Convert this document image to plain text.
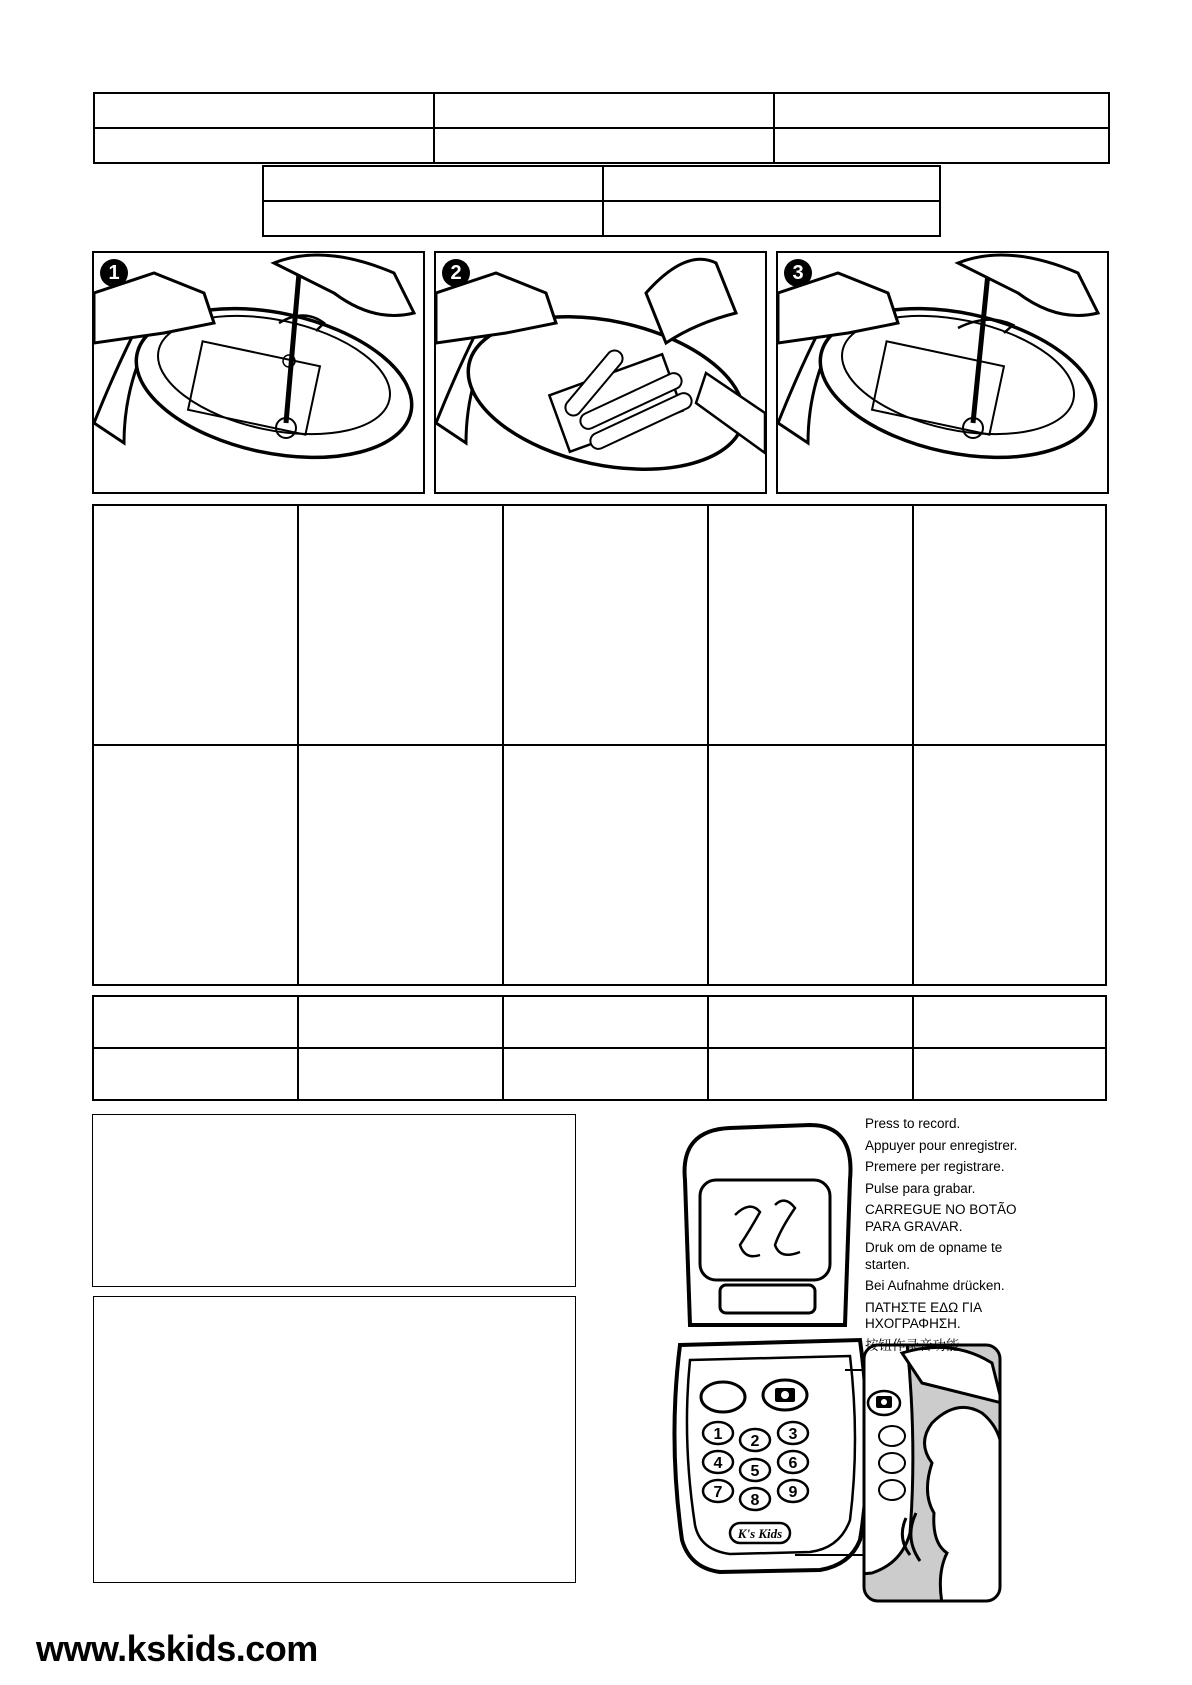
1	2	3

1 2 3
4 5 6
7 8 9
K's Kids
Press to record.
Appuyer pour enregistrer.
Premere per registrare.
Pulse para grabar.
CARREGUE NO BOTÃO PARA GRAVAR.
Druk om de opname te starten.
Bei Aufnahme drücken.
ΠΑΤΗΣΤΕ ΕΔΩ ΓΙΑ ΗΧΟΓΡΑΦΗΣΗ.
按钮作录音功能
www.kskids.com
